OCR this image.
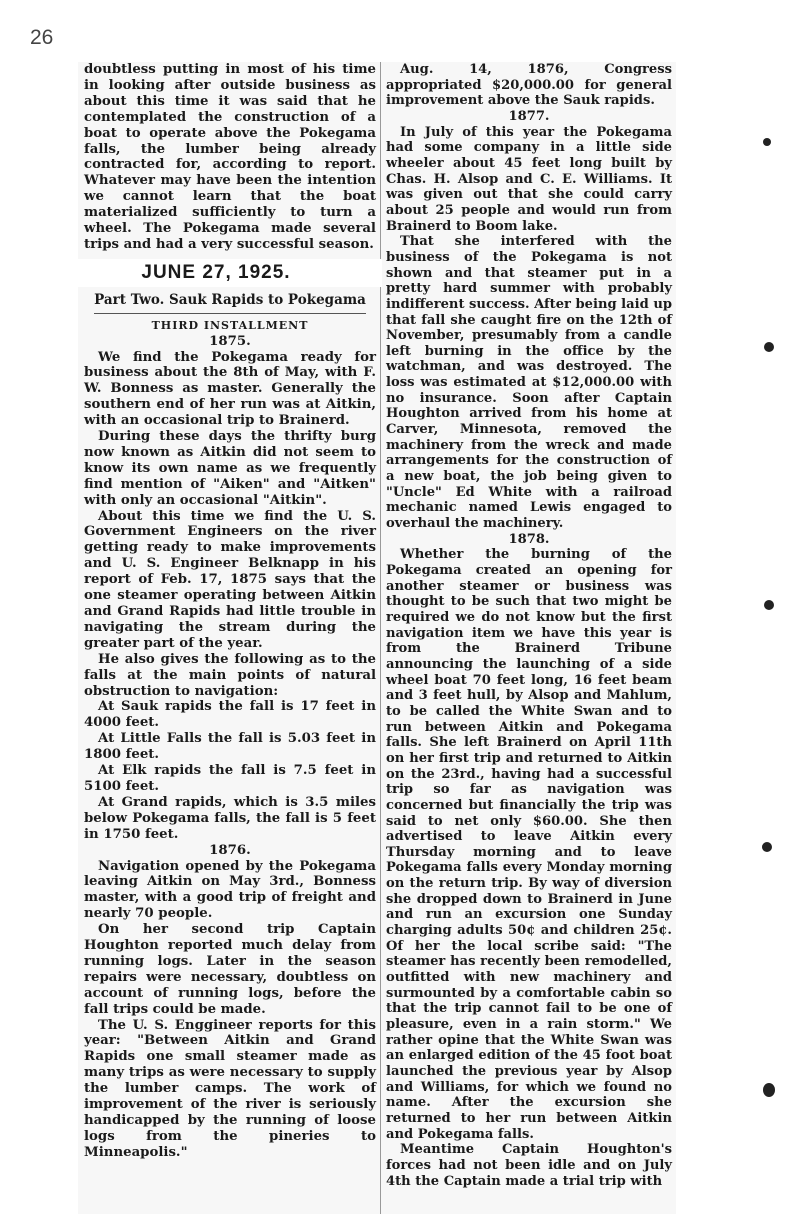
26

doubtless putting in most of his time in looking after outside business as about this time it was said that he contemplated the construction of a boat to operate above the Pokegama falls, the lumber being already contracted for, according to report. Whatever may have been the intention we cannot learn that the boat materialized sufficiently to turn a wheel. The Pokegama made several trips and had a very successful season.

JUNE 27, 1925.
Part Two. Sauk Rapids to Pokegama
THIRD INSTALLMENT

1875.

We find the Pokegama ready for business about the 8th of May, with F. W. Bonness as master. Generally the southern end of her run was at Aitkin, with an occasional trip to Brainerd.

During these days the thrifty burg now known as Aitkin did not seem to know its own name as we frequently find mention of "Aiken" and "Aitken" with only an occasional "Aitkin".

About this time we find the U. S. Government Engineers on the river getting ready to make improvements and U. S. Engineer Belknapp in his report of Feb. 17, 1875 says that the one steamer operating between Aitkin and Grand Rapids had little trouble in navigating the stream during the greater part of the year.

He also gives the following as to the falls at the main points of natural obstruction to navigation:

At Sauk rapids the fall is 17 feet in 4000 feet.

At Little Falls the fall is 5.03 feet in 1800 feet.

At Elk rapids the fall is 7.5 feet in 5100 feet.

At Grand rapids, which is 3.5 miles below Pokegama falls, the fall is 5 feet in 1750 feet.

1876.

Navigation opened by the Pokegama leaving Aitkin on May 3rd., Bonness master, with a good trip of freight and nearly 70 people.

On her second trip Captain Houghton reported much delay from running logs. Later in the season repairs were necessary, doubtless on account of running logs, before the fall trips could be made.

The U. S. Enggineer reports for this year: "Between Aitkin and Grand Rapids one small steamer made as many trips as were necessary to supply the lumber camps. The work of improvement of the river is seriously handicapped by the running of loose logs from the pineries to Minneapolis."

Aug. 14, 1876, Congress appropriated $20,000.00 for general improvement above the Sauk rapids.

1877.

In July of this year the Pokegama had some company in a little side wheeler about 45 feet long built by Chas. H. Alsop and C. E. Williams. It was given out that she could carry about 25 people and would run from Brainerd to Boom lake.

That she interfered with the business of the Pokegama is not shown and that steamer put in a pretty hard summer with probably indifferent success. After being laid up that fall she caught fire on the 12th of November, presumably from a candle left burning in the office by the watchman, and was destroyed. The loss was estimated at $12,000.00 with no insurance. Soon after Captain Houghton arrived from his home at Carver, Minnesota, removed the machinery from the wreck and made arrangements for the construction of a new boat, the job being given to "Uncle" Ed White with a railroad mechanic named Lewis engaged to overhaul the machinery.

1878.

Whether the burning of the Pokegama created an opening for another steamer or business was thought to be such that two might be required we do not know but the first navigation item we have this year is from the Brainerd Tribune announcing the launching of a side wheel boat 70 feet long, 16 feet beam and 3 feet hull, by Alsop and Mahlum, to be called the White Swan and to run between Aitkin and Pokegama falls. She left Brainerd on April 11th on her first trip and returned to Aitkin on the 23rd., having had a successful trip so far as navigation was concerned but financially the trip was said to net only $60.00. She then advertised to leave Aitkin every Thursday morning and to leave Pokegama falls every Monday morning on the return trip. By way of diversion she dropped down to Brainerd in June and run an excursion one Sunday charging adults 50¢ and children 25¢. Of her the local scribe said: "The steamer has recently been remodelled, outfitted with new machinery and surmounted by a comfortable cabin so that the trip cannot fail to be one of pleasure, even in a rain storm." We rather opine that the White Swan was an enlarged edition of the 45 foot boat launched the previous year by Alsop and Williams, for which we found no name. After the excursion she returned to her run between Aitkin and Pokegama falls.

Meantime Captain Houghton's forces had not been idle and on July 4th the Captain made a trial trip with
